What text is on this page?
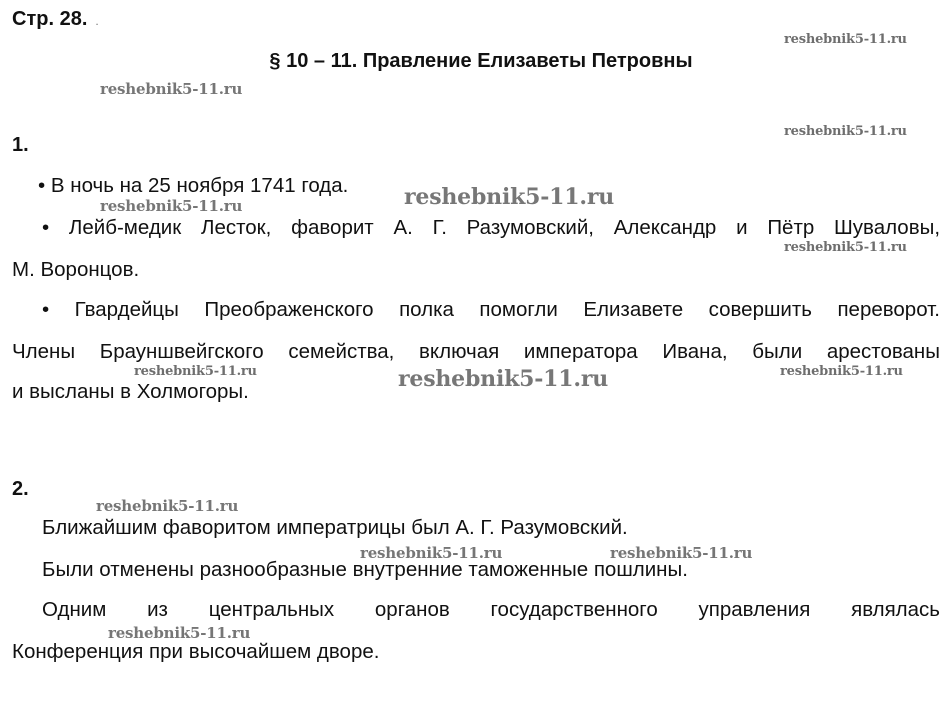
Стр. 28. .
§ 10 – 11. Правление Елизаветы Петровны
1.
• В ночь на 25 ноября 1741 года.
• Лейб-медик Лесток, фаворит А. Г. Разумовский, Александр и Пётр Шуваловы,
М. Воронцов.
• Гвардейцы Преображенского полка помогли Елизавете совершить переворот.
Члены Брауншвейгского семейства, включая императора Ивана, были арестованы
и высланы в Холмогоры.
2.
Ближайшим фаворитом императрицы был А. Г. Разумовский.
Были отменены разнообразные внутренние таможенные пошлины.
Одним из центральных органов государственного управления являлась
Конференция при высочайшем дворе.
reshebnik5-11.ru
reshebnik5-11.ru
reshebnik5-11.ru
reshebnik5-11.ru
reshebnik5-11.ru
reshebnik5-11.ru
reshebnik5-11.ru	reshebnik5-11.ru	reshebnik5-11.ru
reshebnik5-11.ru
reshebnik5-11.ru	reshebnik5-11.ru
reshebnik5-11.ru
